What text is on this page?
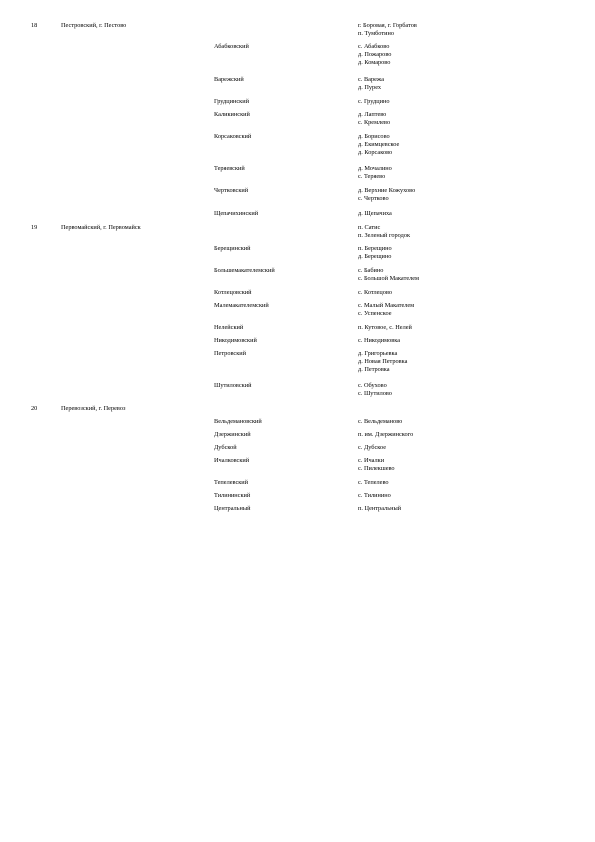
18	Пестровский, г. Пестово	г. Боровая, г. Горбатов
п. Тумботино
Абабковский	с. Абабково
д. Пожарово
д. Комарово
Варежский	с. Варежа
д. Пурех
Грудцинский	с. Грудцино
Каликинский	д. Лаптево
с. Кремлево
Корсаковский	д. Борисово
д. Екимцевское
д. Корсаково
Теряевский	д. Мочалино
с. Теряево
Чертковский	д. Верхние Кожухово
с. Чертково
Щепачихинский	д. Щепачиха
19	Первомайский, г. Первомайск	п. Сатис
п. Зеленый городок
Берещинский	п. Берещино
д. Берещино
Большемакателемский	с. Бабино
с. Большой Макателем
Котлецовский	с. Котлецово
Малемакателемский	с. Малый Макателем
с. Успенское
Нелейский	п. Кутовое, с. Нелей
Никодимовский	с. Никодимовка
Петровский	д. Григорьевка
д. Новая Петровка
д. Петровка
Шутиловский	с. Обухово
с. Шутилово
20	Перевозский, г. Перевоз
Вельдемановский	с. Вельдеманово
Дзержинский	п. им. Дзержинского
Дубской	с. Дубское
Ичалковский	с. Ичалки
с. Пилекшево
Тепелевский	с. Тепелево
Тилининский	с. Тилинино
Центральный	п. Центральный
